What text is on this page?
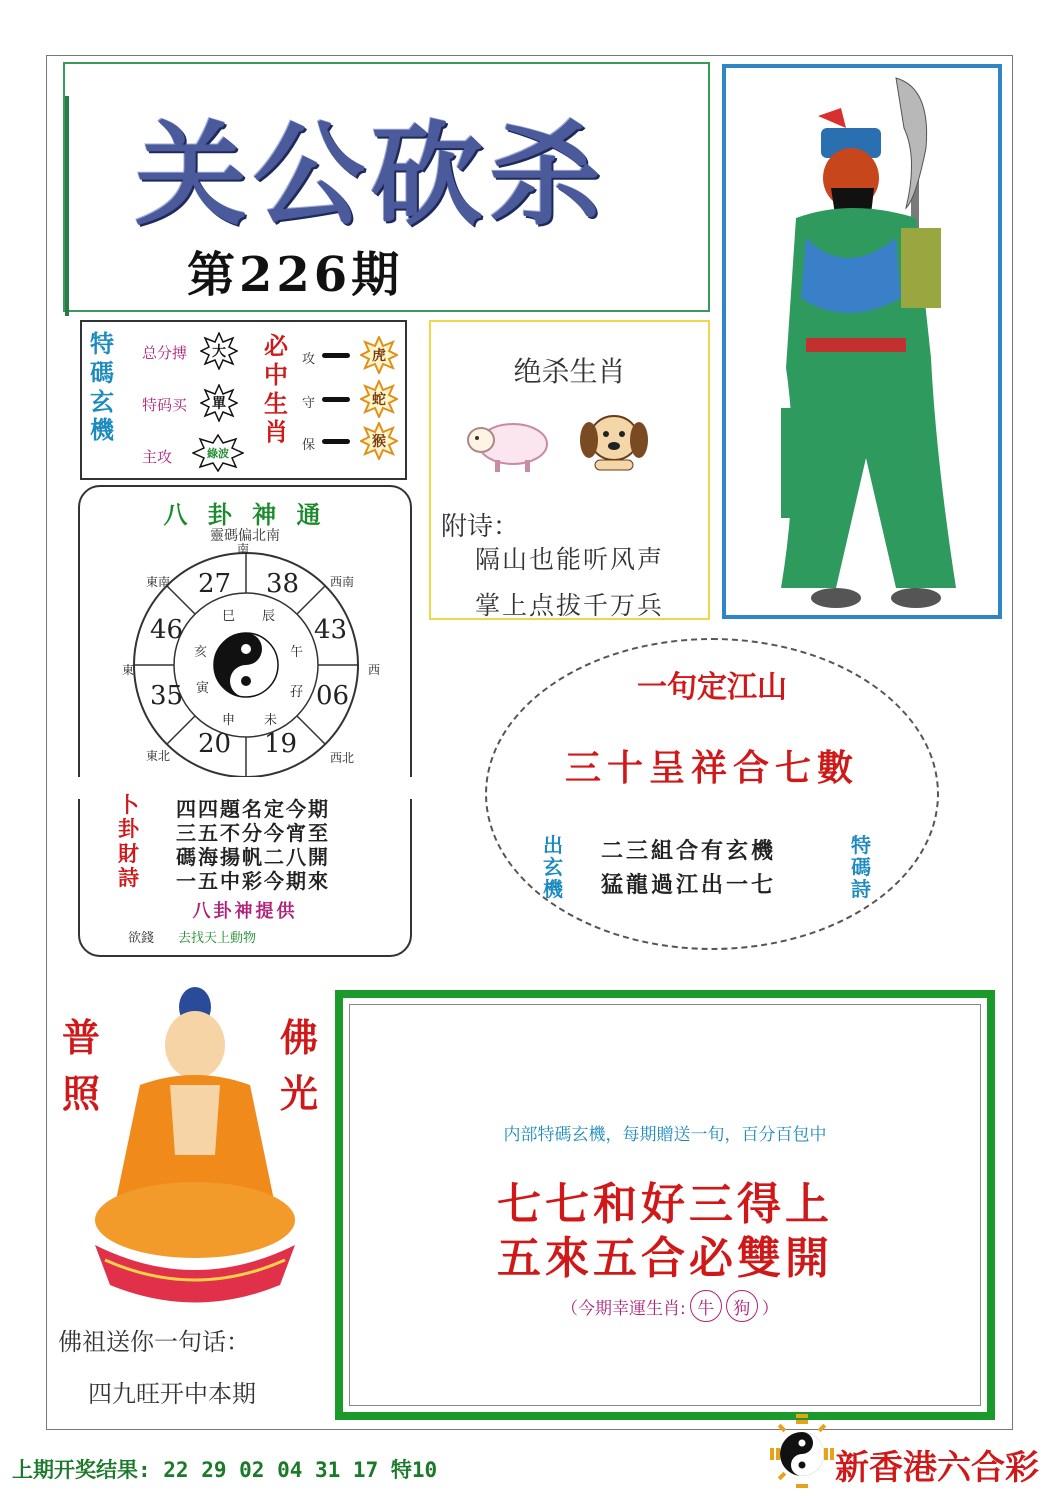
关公砍杀
第226期
特
碼
玄
機
总分搏 大
特码买 單
主攻	綠波
必
中
生
肖
攻	虎
守	蛇
保	猴
绝杀生肖
附诗：
隔山也能听风声
掌上点拔千万兵
八 卦 神 通
靈碼偏北南
南
東南	西南
東	西
東北	西北
27 38
46	43
35	06
20 19
巳 辰
午
亥
寅	孖
申 未
卜
卦
財
詩
四四題名定今期
三五不分今宵至
碼海揚帆二八開
一五中彩今期來
八卦神提供
欲錢 去找天上動物
一句定江山
三十呈祥合七數
出
玄
機
特
碼
詩
二三組合有玄機
猛龍過江出一七
普
照
佛
光
佛祖送你一句话：
四九旺开中本期
内部特碼玄機，每期贈送一旬，百分百包中
七七和好三得上
五來五合必雙開
（今期幸運生肖: 牛	狗 ）
上期开奖结果: 22 29 02 04 31 17 特10	新香港六合彩
